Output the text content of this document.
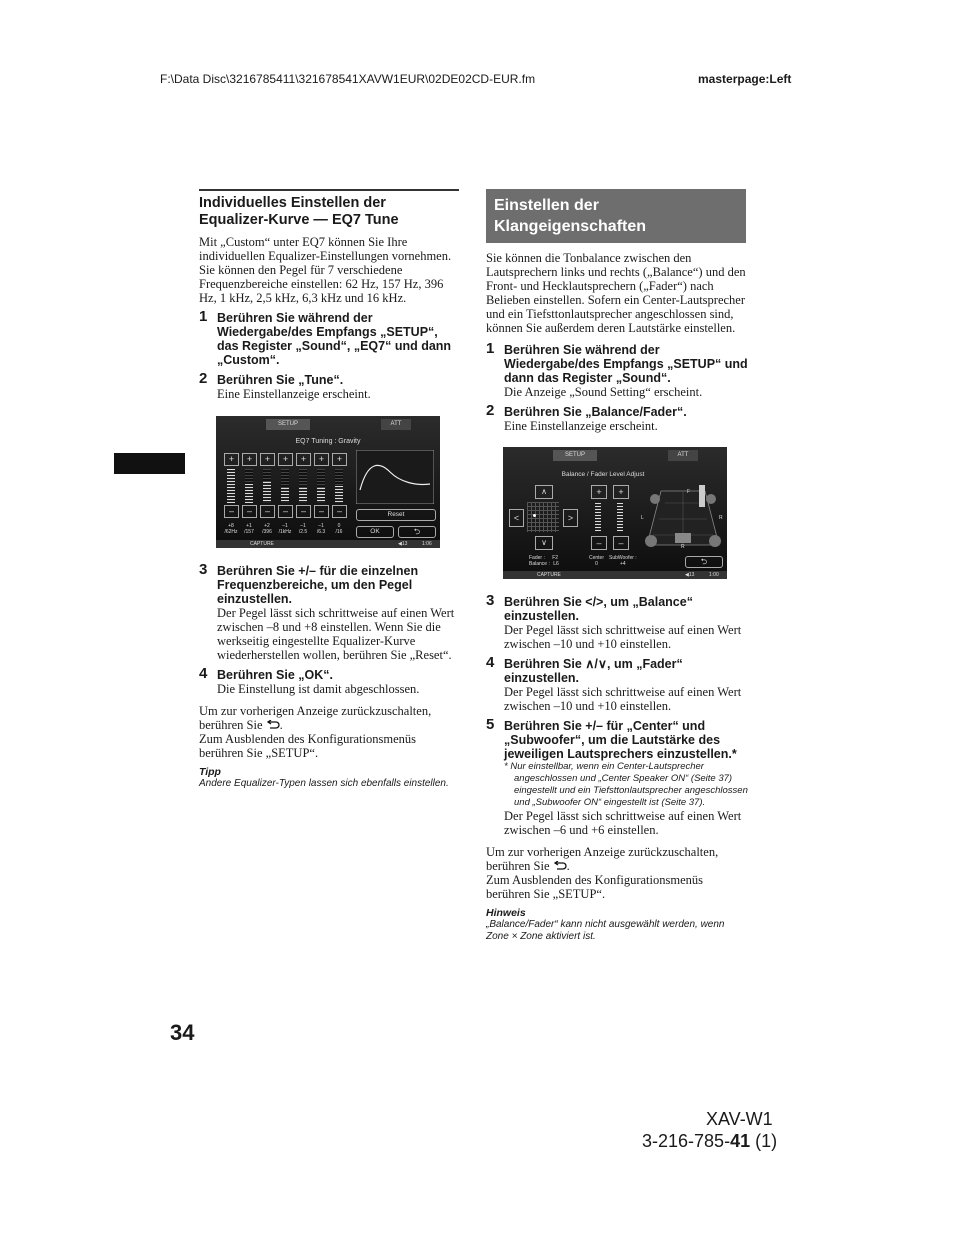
F:\Data Disc\3216785411\321678541XAVW1EUR\02DE02CD-EUR.fm	masterpage:Left
Individuelles Einstellen der Equalizer-Kurve — EQ7 Tune
Mit „Custom“ unter EQ7 können Sie Ihre individuellen Equalizer-Einstellungen vornehmen. Sie können den Pegel für 7 verschiedene Frequenzbereiche einstellen: 62 Hz, 157 Hz, 396 Hz, 1 kHz, 2,5 kHz, 6,3 kHz und 16 kHz.
1 Berühren Sie während der Wiedergabe/des Empfangs „SETUP“, das Register „Sound“, „EQ7“ und dann „Custom“.
2 Berühren Sie „Tune“.
Eine Einstellanzeige erscheint.
SETUP	ATT
EQ7 Tuning : Gravity
+
–
+8
/62Hz
+
–
+1
/157
+
–
+2
/396
+
–
–1
/1kHz
+
–
–1
/2.5
+
–
–1
/6.3
+
–
0
/16
Reset
OK	⮌
CAPTURE	◀13	1:06
3 Berühren Sie +/– für die einzelnen Frequenzbereiche, um den Pegel einzustellen.
Der Pegel lässt sich schrittweise auf einen Wert zwischen –8 und +8 einstellen. Wenn Sie die werkseitig eingestellte Equalizer-Kurve wiederherstellen wollen, berühren Sie „Reset“.
4 Berühren Sie „OK“.
Die Einstellung ist damit abgeschlossen.
Um zur vorherigen Anzeige zurückzuschalten, berühren Sie .
Zum Ausblenden des Konfigurationsmenüs berühren Sie „SETUP“.
Tipp
Andere Equalizer-Typen lassen sich ebenfalls einstellen.
Einstellen der Klangeigenschaften
Sie können die Tonbalance zwischen den Lautsprechern links und rechts („Balance“) und den Front- und Hecklautsprechern („Fader“) nach Belieben einstellen. Sofern ein Center-Lautsprecher und ein Tiefsttonlautsprecher angeschlossen sind, können Sie außerdem deren Lautstärke einstellen.
1 Berühren Sie während der Wiedergabe/des Empfangs „SETUP“ und dann das Register „Sound“.
Die Anzeige „Sound Setting“ erscheint.
2 Berühren Sie „Balance/Fader“.
Eine Einstellanzeige erscheint.
SETUP	ATT
Balance / Fader Level Adjust
∧
∨
<	>
+	+
–	–
F
L	R
R
Fader : F2
Balance : L6
Center
0
SubWoofer :
+4	⮌
CAPTURE	◀13	1:00
3 Berühren Sie </>, um „Balance“ einzustellen.
Der Pegel lässt sich schrittweise auf einen Wert zwischen –10 und +10 einstellen.
4 Berühren Sie ∧/∨, um „Fader“ einzustellen.
Der Pegel lässt sich schrittweise auf einen Wert zwischen –10 und +10 einstellen.
5 Berühren Sie +/– für „Center“ und „Subwoofer“, um die Lautstärke des jeweiligen Lautsprechers einzustellen.*
* Nur einstellbar, wenn ein Center-Lautsprecher angeschlossen und „Center Speaker ON“ (Seite 37) eingestellt und ein Tiefsttonlautsprecher angeschlossen und „Subwoofer ON“ eingestellt ist (Seite 37).
Der Pegel lässt sich schrittweise auf einen Wert zwischen –6 und +6 einstellen.
Um zur vorherigen Anzeige zurückzuschalten, berühren Sie .
Zum Ausblenden des Konfigurationsmenüs berühren Sie „SETUP“.
Hinweis
„Balance/Fader“ kann nicht ausgewählt werden, wenn Zone × Zone aktiviert ist.
34
XAV-W1
3-216-785-41 (1)
